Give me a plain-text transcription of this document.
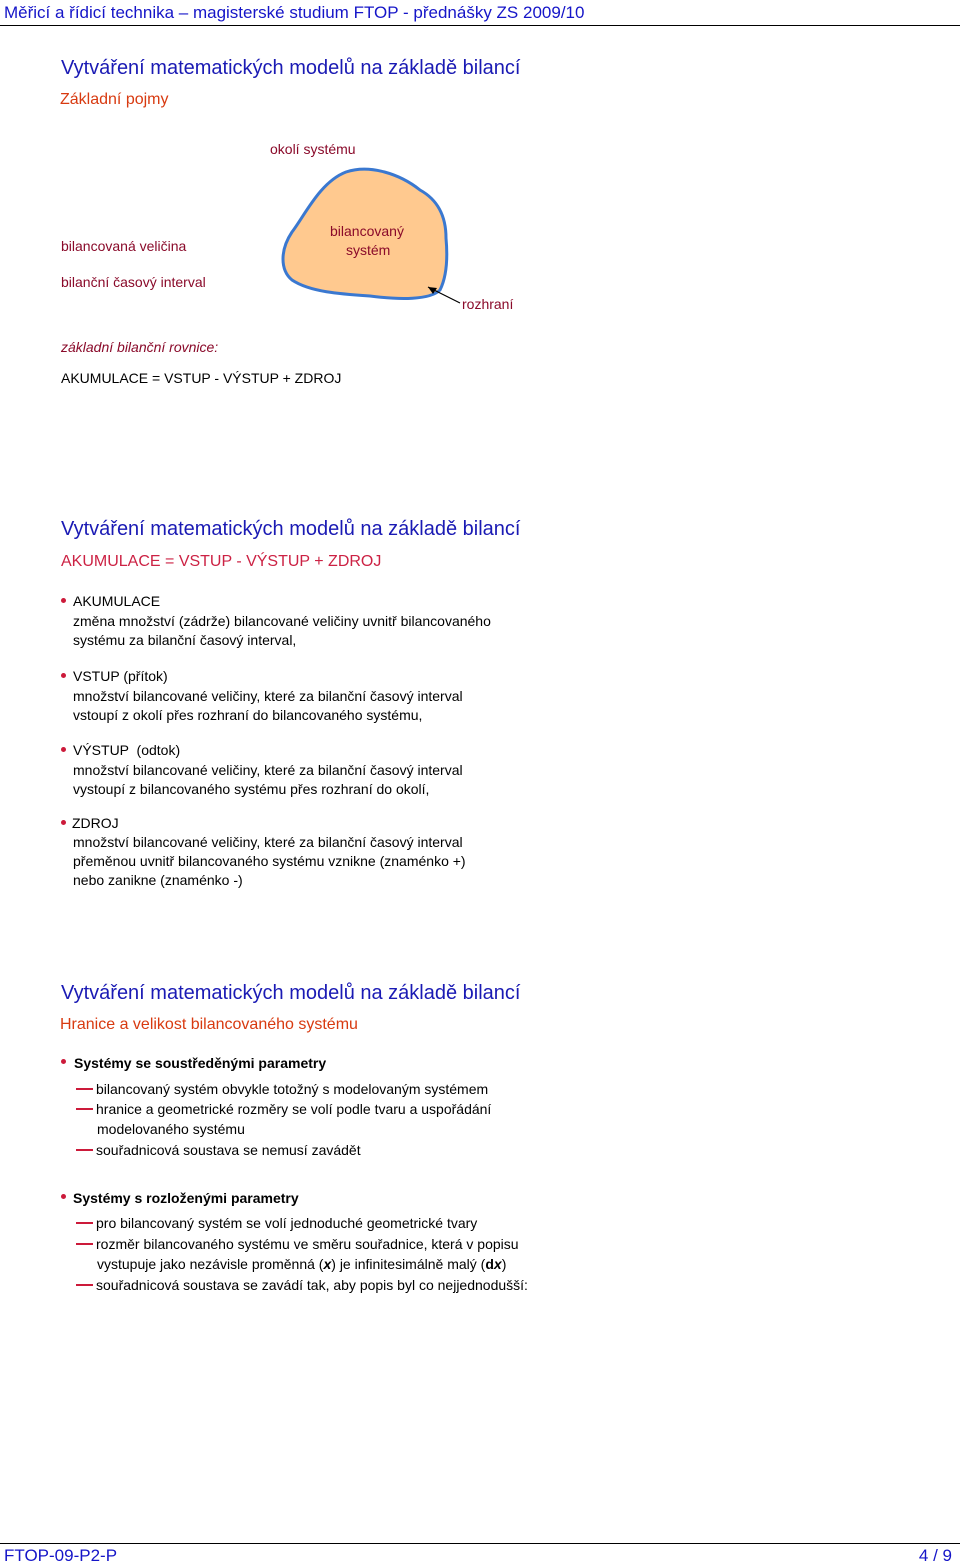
Měřicí a řídicí technika – magisterské studium FTOP - přednášky ZS 2009/10
Vytváření matematických modelů na základě bilancí
Základní pojmy
okolí systému
bilancovaný
systém
bilancovaná veličina
bilanční časový interval
rozhraní
základní bilanční rovnice:
AKUMULACE = VSTUP - VÝSTUP + ZDROJ
Vytváření matematických modelů na základě bilancí
AKUMULACE = VSTUP - VÝSTUP + ZDROJ
AKUMULACE
změna množství (zádrže) bilancované veličiny uvnitř bilancovaného
systému za bilanční časový interval,
VSTUP (přítok)
množství bilancované veličiny, které za bilanční časový interval
vstoupí z okolí přes rozhraní do bilancovaného systému,
VÝSTUP  (odtok)
množství bilancované veličiny, které za bilanční časový interval
vystoupí z bilancovaného systému přes rozhraní do okolí,
ZDROJ
množství bilancované veličiny, které za bilanční časový interval
přeměnou uvnitř bilancovaného systému vznikne (znaménko +)
nebo zanikne (znaménko -)
Vytváření matematických modelů na základě bilancí
Hranice a velikost bilancovaného systému
Systémy se soustředěnými parametry
bilancovaný systém obvykle totožný s modelovaným systémem
hranice a geometrické rozměry se volí podle tvaru a uspořádání
modelovaného systému
souřadnicová soustava se nemusí zavádět
Systémy s rozloženými parametry
pro bilancovaný systém se volí jednoduché geometrické tvary
rozměr bilancovaného systému ve směru souřadnice, která v popisu
vystupuje jako nezávisle proměnná (x) je infinitesimálně malý (dx)
souřadnicová soustava se zavádí tak, aby popis byl co nejjednodušší:
FTOP-09-P2-P	4 / 9
